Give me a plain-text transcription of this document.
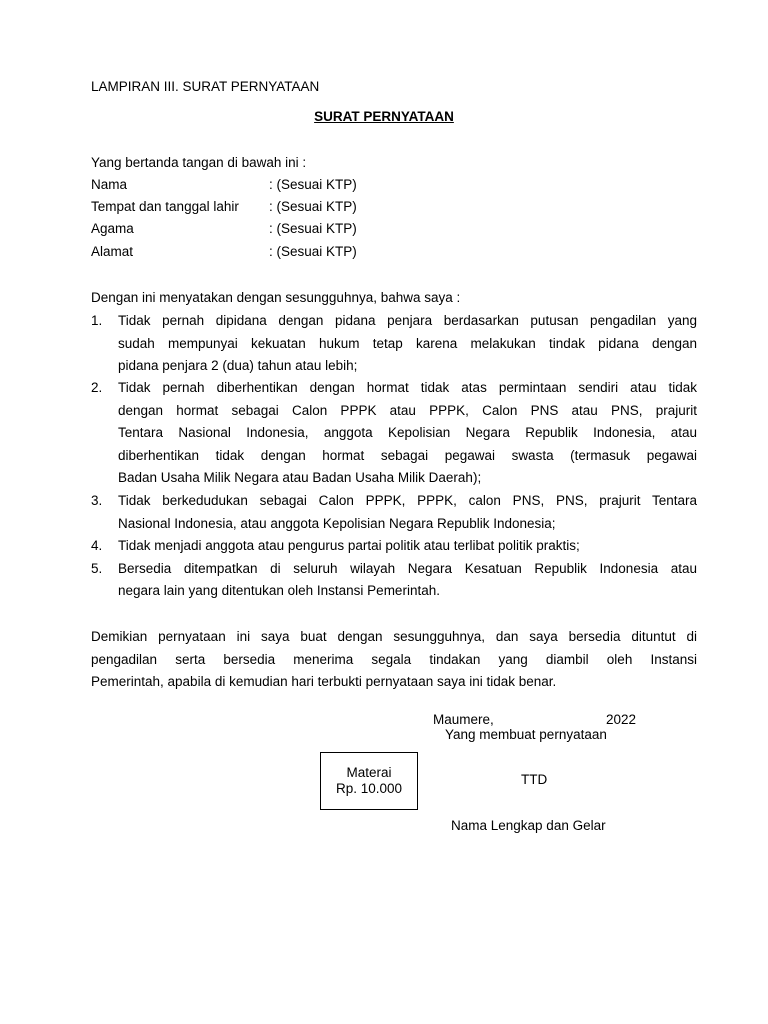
LAMPIRAN III. SURAT PERNYATAAN
SURAT PERNYATAAN
Yang bertanda tangan di bawah ini :
Nama	: (Sesuai KTP)
Tempat dan tanggal lahir : (Sesuai KTP)
Agama	: (Sesuai KTP)
Alamat	: (Sesuai KTP)
Dengan ini menyatakan dengan sesungguhnya, bahwa saya :
1. Tidak pernah dipidana dengan pidana penjara berdasarkan putusan pengadilan yang
sudah mempunyai kekuatan hukum tetap karena melakukan tindak pidana dengan
pidana penjara 2 (dua) tahun atau lebih;
2. Tidak pernah diberhentikan dengan hormat tidak atas permintaan sendiri atau tidak
dengan hormat sebagai Calon PPPK atau PPPK, Calon PNS atau PNS, prajurit
Tentara Nasional Indonesia, anggota Kepolisian Negara Republik Indonesia, atau
diberhentikan tidak dengan hormat sebagai pegawai swasta (termasuk pegawai
Badan Usaha Milik Negara atau Badan Usaha Milik Daerah);
3. Tidak berkedudukan sebagai Calon PPPK, PPPK, calon PNS, PNS, prajurit Tentara
Nasional Indonesia, atau anggota Kepolisian Negara Republik Indonesia;
4. Tidak menjadi anggota atau pengurus partai politik atau terlibat politik praktis;
5. Bersedia ditempatkan di seluruh wilayah Negara Kesatuan Republik Indonesia atau
negara lain yang ditentukan oleh Instansi Pemerintah.
Demikian pernyataan ini saya buat dengan sesungguhnya, dan saya bersedia dituntut di
pengadilan serta bersedia menerima segala tindakan yang diambil oleh Instansi
Pemerintah, apabila di kemudian hari terbukti pernyataan saya ini tidak benar.
Maumere,	2022
Yang membuat pernyataan
Materai
Rp. 10.000
TTD
Nama Lengkap dan Gelar
